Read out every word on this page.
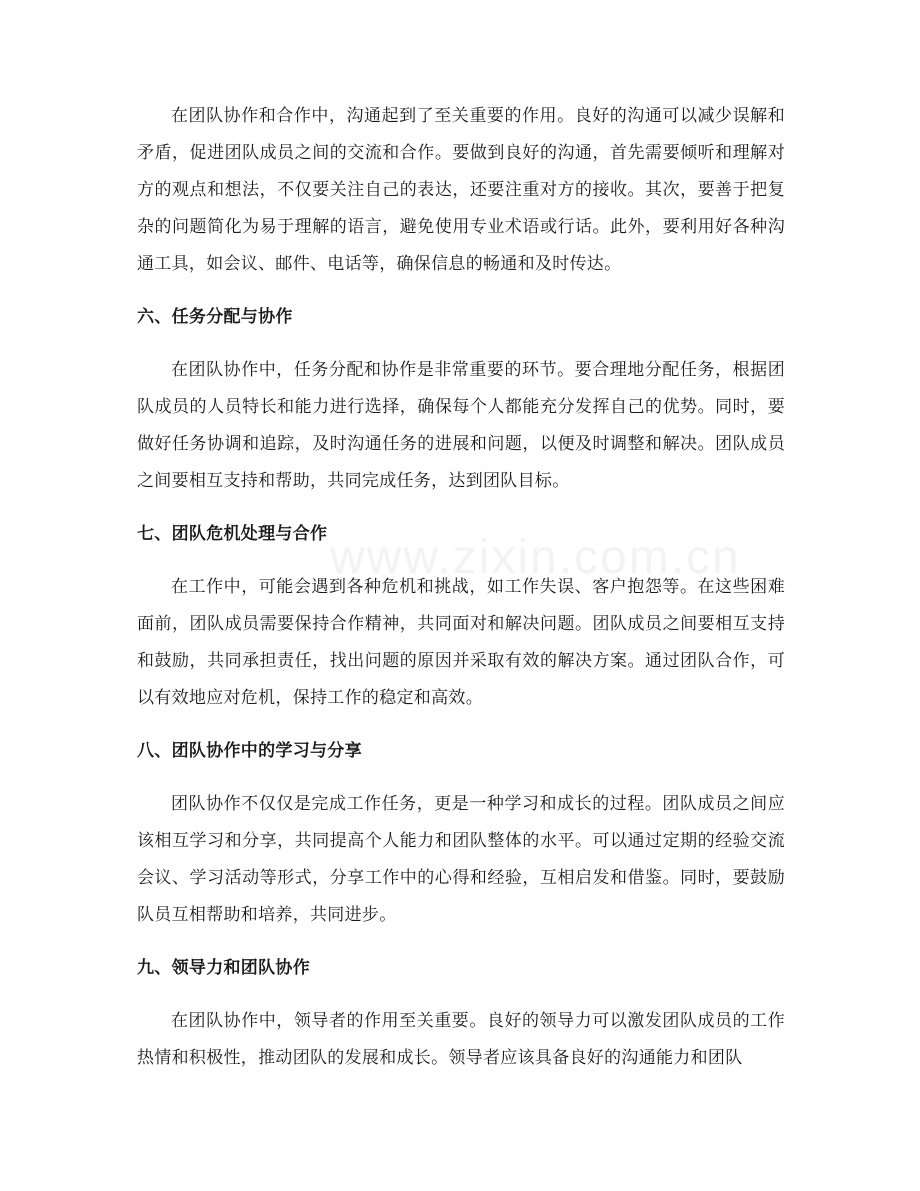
在团队协作和合作中，沟通起到了至关重要的作用。良好的沟通可以减少误解和矛盾，促进团队成员之间的交流和合作。要做到良好的沟通，首先需要倾听和理解对方的观点和想法，不仅要关注自己的表达，还要注重对方的接收。其次，要善于把复杂的问题简化为易于理解的语言，避免使用专业术语或行话。此外，要利用好各种沟通工具，如会议、邮件、电话等，确保信息的畅通和及时传达。

六、任务分配与协作

在团队协作中，任务分配和协作是非常重要的环节。要合理地分配任务，根据团队成员的人员特长和能力进行选择，确保每个人都能充分发挥自己的优势。同时，要做好任务协调和追踪，及时沟通任务的进展和问题，以便及时调整和解决。团队成员之间要相互支持和帮助，共同完成任务，达到团队目标。

七、团队危机处理与合作

在工作中，可能会遇到各种危机和挑战，如工作失误、客户抱怨等。在这些困难面前，团队成员需要保持合作精神，共同面对和解决问题。团队成员之间要相互支持和鼓励，共同承担责任，找出问题的原因并采取有效的解决方案。通过团队合作，可以有效地应对危机，保持工作的稳定和高效。

八、团队协作中的学习与分享

团队协作不仅仅是完成工作任务，更是一种学习和成长的过程。团队成员之间应该相互学习和分享，共同提高个人能力和团队整体的水平。可以通过定期的经验交流会议、学习活动等形式，分享工作中的心得和经验，互相启发和借鉴。同时，要鼓励队员互相帮助和培养，共同进步。

九、领导力和团队协作

在团队协作中，领导者的作用至关重要。良好的领导力可以激发团队成员的工作热情和积极性，推动团队的发展和成长。领导者应该具备良好的沟通能力和团队

www.zixin.com.cn
